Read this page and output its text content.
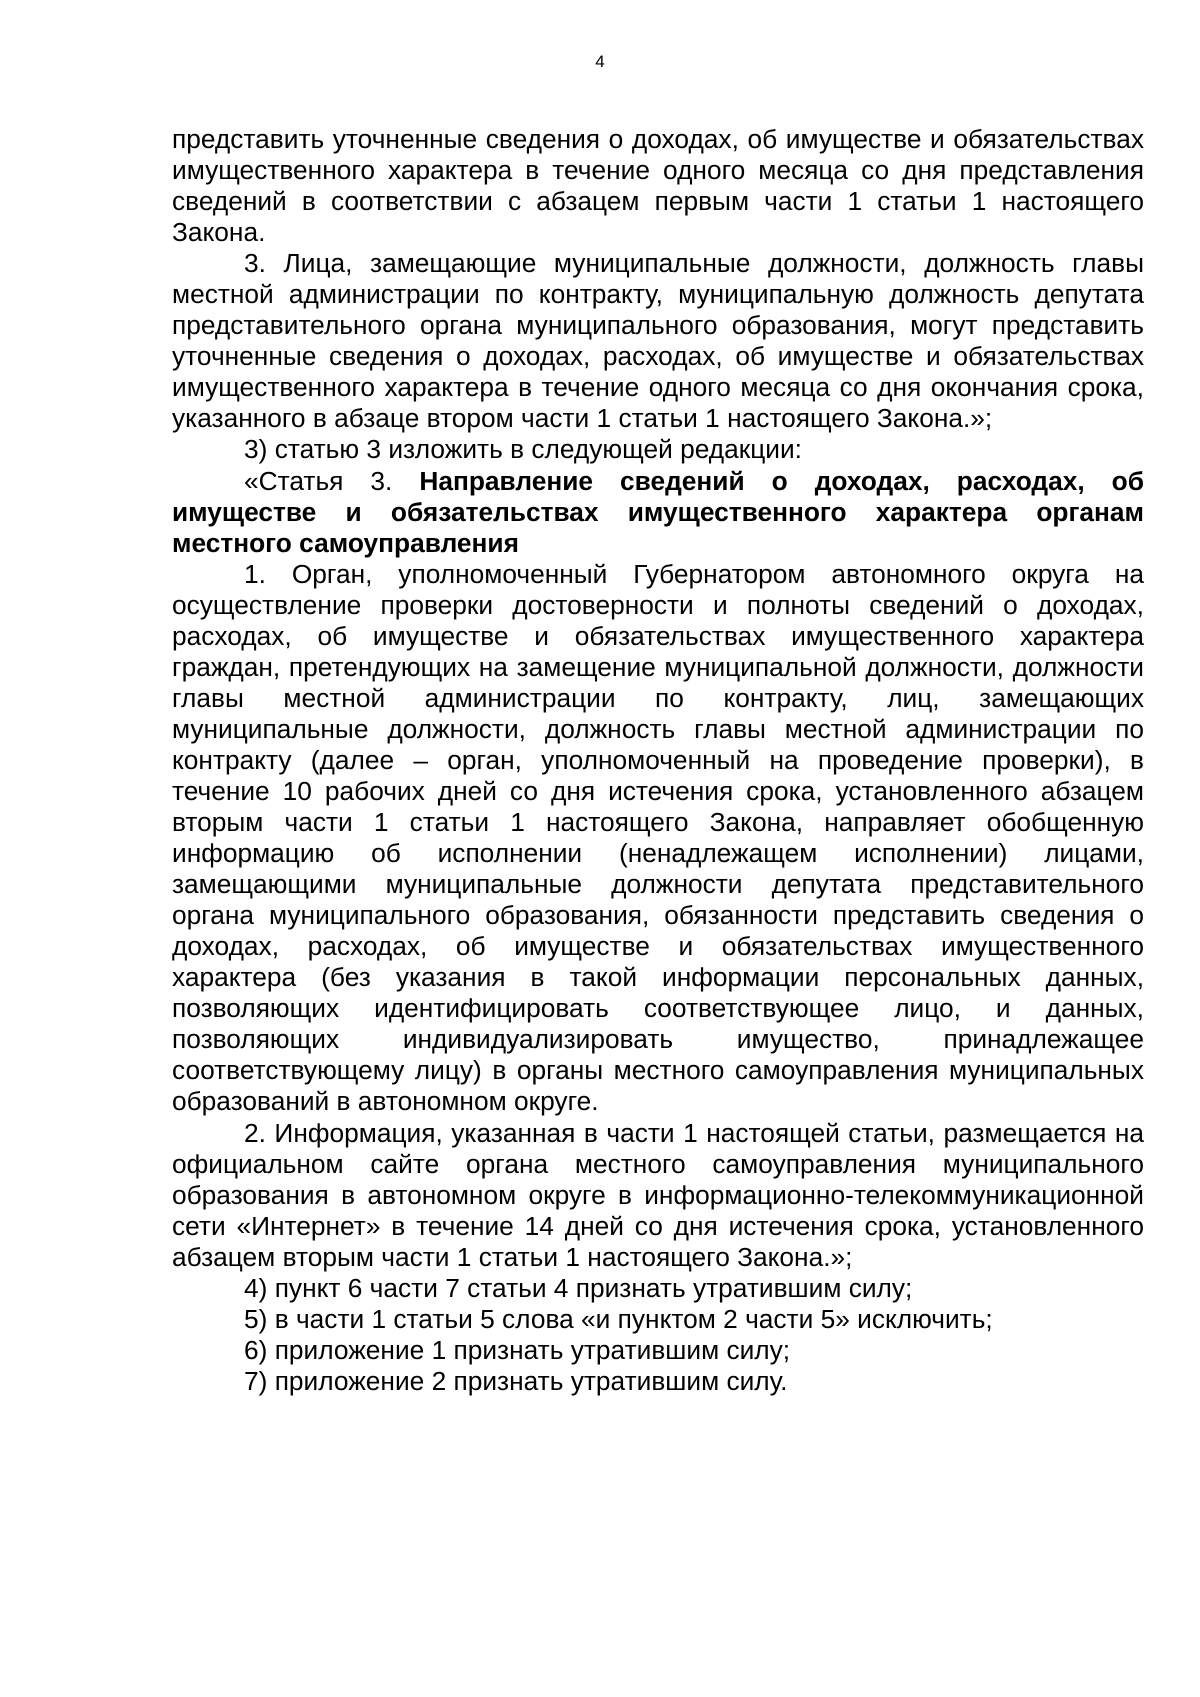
4

представить уточненные сведения о доходах, об имуществе и обязательствах имущественного характера в течение одного месяца со дня представления сведений в соответствии с абзацем первым части 1 статьи 1 настоящего Закона.

3. Лица, замещающие муниципальные должности, должность главы местной администрации по контракту, муниципальную должность депутата представительного органа муниципального образования, могут представить уточненные сведения о доходах, расходах, об имуществе и обязательствах имущественного характера в течение одного месяца со дня окончания срока, указанного в абзаце втором части 1 статьи 1 настоящего Закона.»;

3) статью 3 изложить в следующей редакции:

«Статья 3. Направление сведений о доходах, расходах, об имуществе и обязательствах имущественного характера органам местного самоуправления

1. Орган, уполномоченный Губернатором автономного округа на осуществление проверки достоверности и полноты сведений о доходах, расходах, об имуществе и обязательствах имущественного характера граждан, претендующих на замещение муниципальной должности, должности главы местной администрации по контракту, лиц, замещающих муниципальные должности, должность главы местной администрации по контракту (далее – орган, уполномоченный на проведение проверки), в течение 10 рабочих дней со дня истечения срока, установленного абзацем вторым части 1 статьи 1 настоящего Закона, направляет обобщенную информацию об исполнении (ненадлежащем исполнении) лицами, замещающими муниципальные должности депутата представительного органа муниципального образования, обязанности представить сведения о доходах, расходах, об имуществе и обязательствах имущественного характера (без указания в такой информации персональных данных, позволяющих идентифицировать соответствующее лицо, и данных, позволяющих индивидуализировать имущество, принадлежащее соответствующему лицу) в органы местного самоуправления муниципальных образований в автономном округе.

2. Информация, указанная в части 1 настоящей статьи, размещается на официальном сайте органа местного самоуправления муниципального образования в автономном округе в информационно-телекоммуникационной сети «Интернет» в течение 14 дней со дня истечения срока, установленного абзацем вторым части 1 статьи 1 настоящего Закона.»;

4) пункт 6 части 7 статьи 4 признать утратившим силу;

5) в части 1 статьи 5 слова «и пунктом 2 части 5» исключить;

6) приложение 1 признать утратившим силу;

7) приложение 2 признать утратившим силу.
